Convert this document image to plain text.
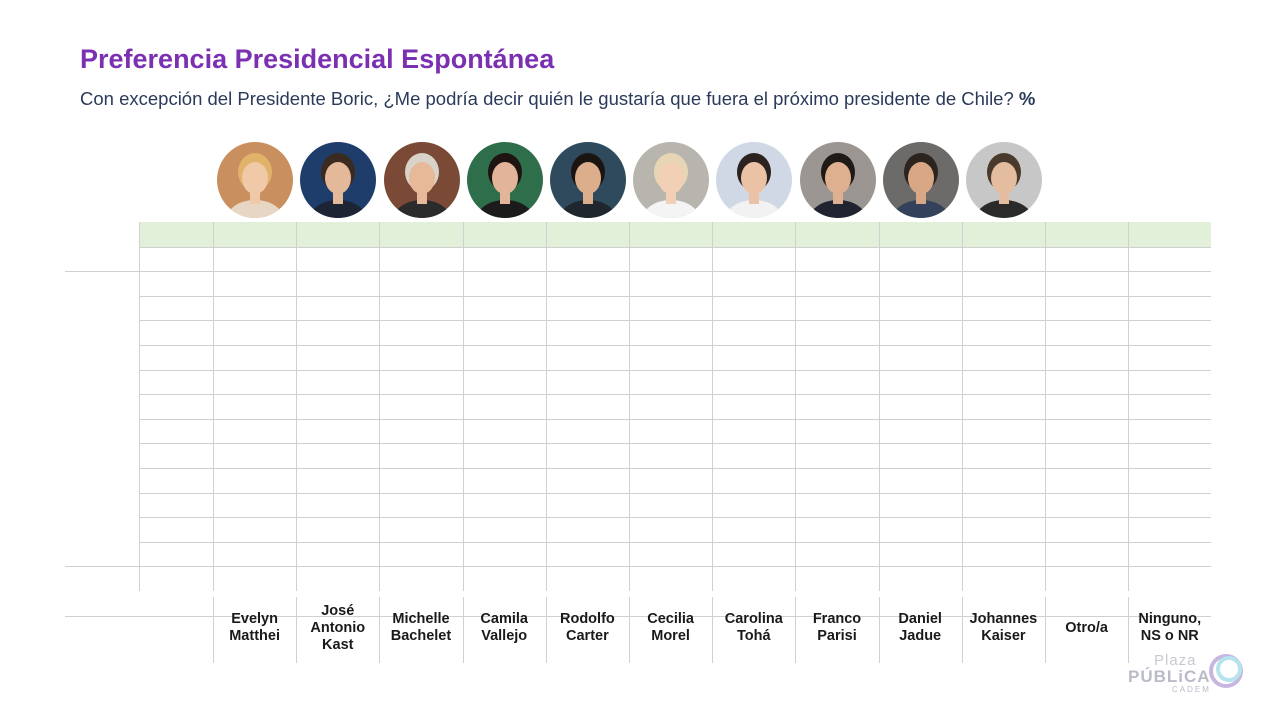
Preferencia Presidencial Espontánea
Con excepción del Presidente Boric, ¿Me podría decir quién le gustaría que fuera el próximo presidente de Chile? %
Evelyn
Matthei
José
Antonio
Kast
Michelle
Bachelet
Camila
Vallejo
Rodolfo
Carter
Cecilia
Morel
Carolina
Tohá
Franco
Parisi
Daniel
Jadue
Johannes
Kaiser
Otro/a
Ninguno,
NS o NR
Plaza
PÚBLiCA
CADEM
